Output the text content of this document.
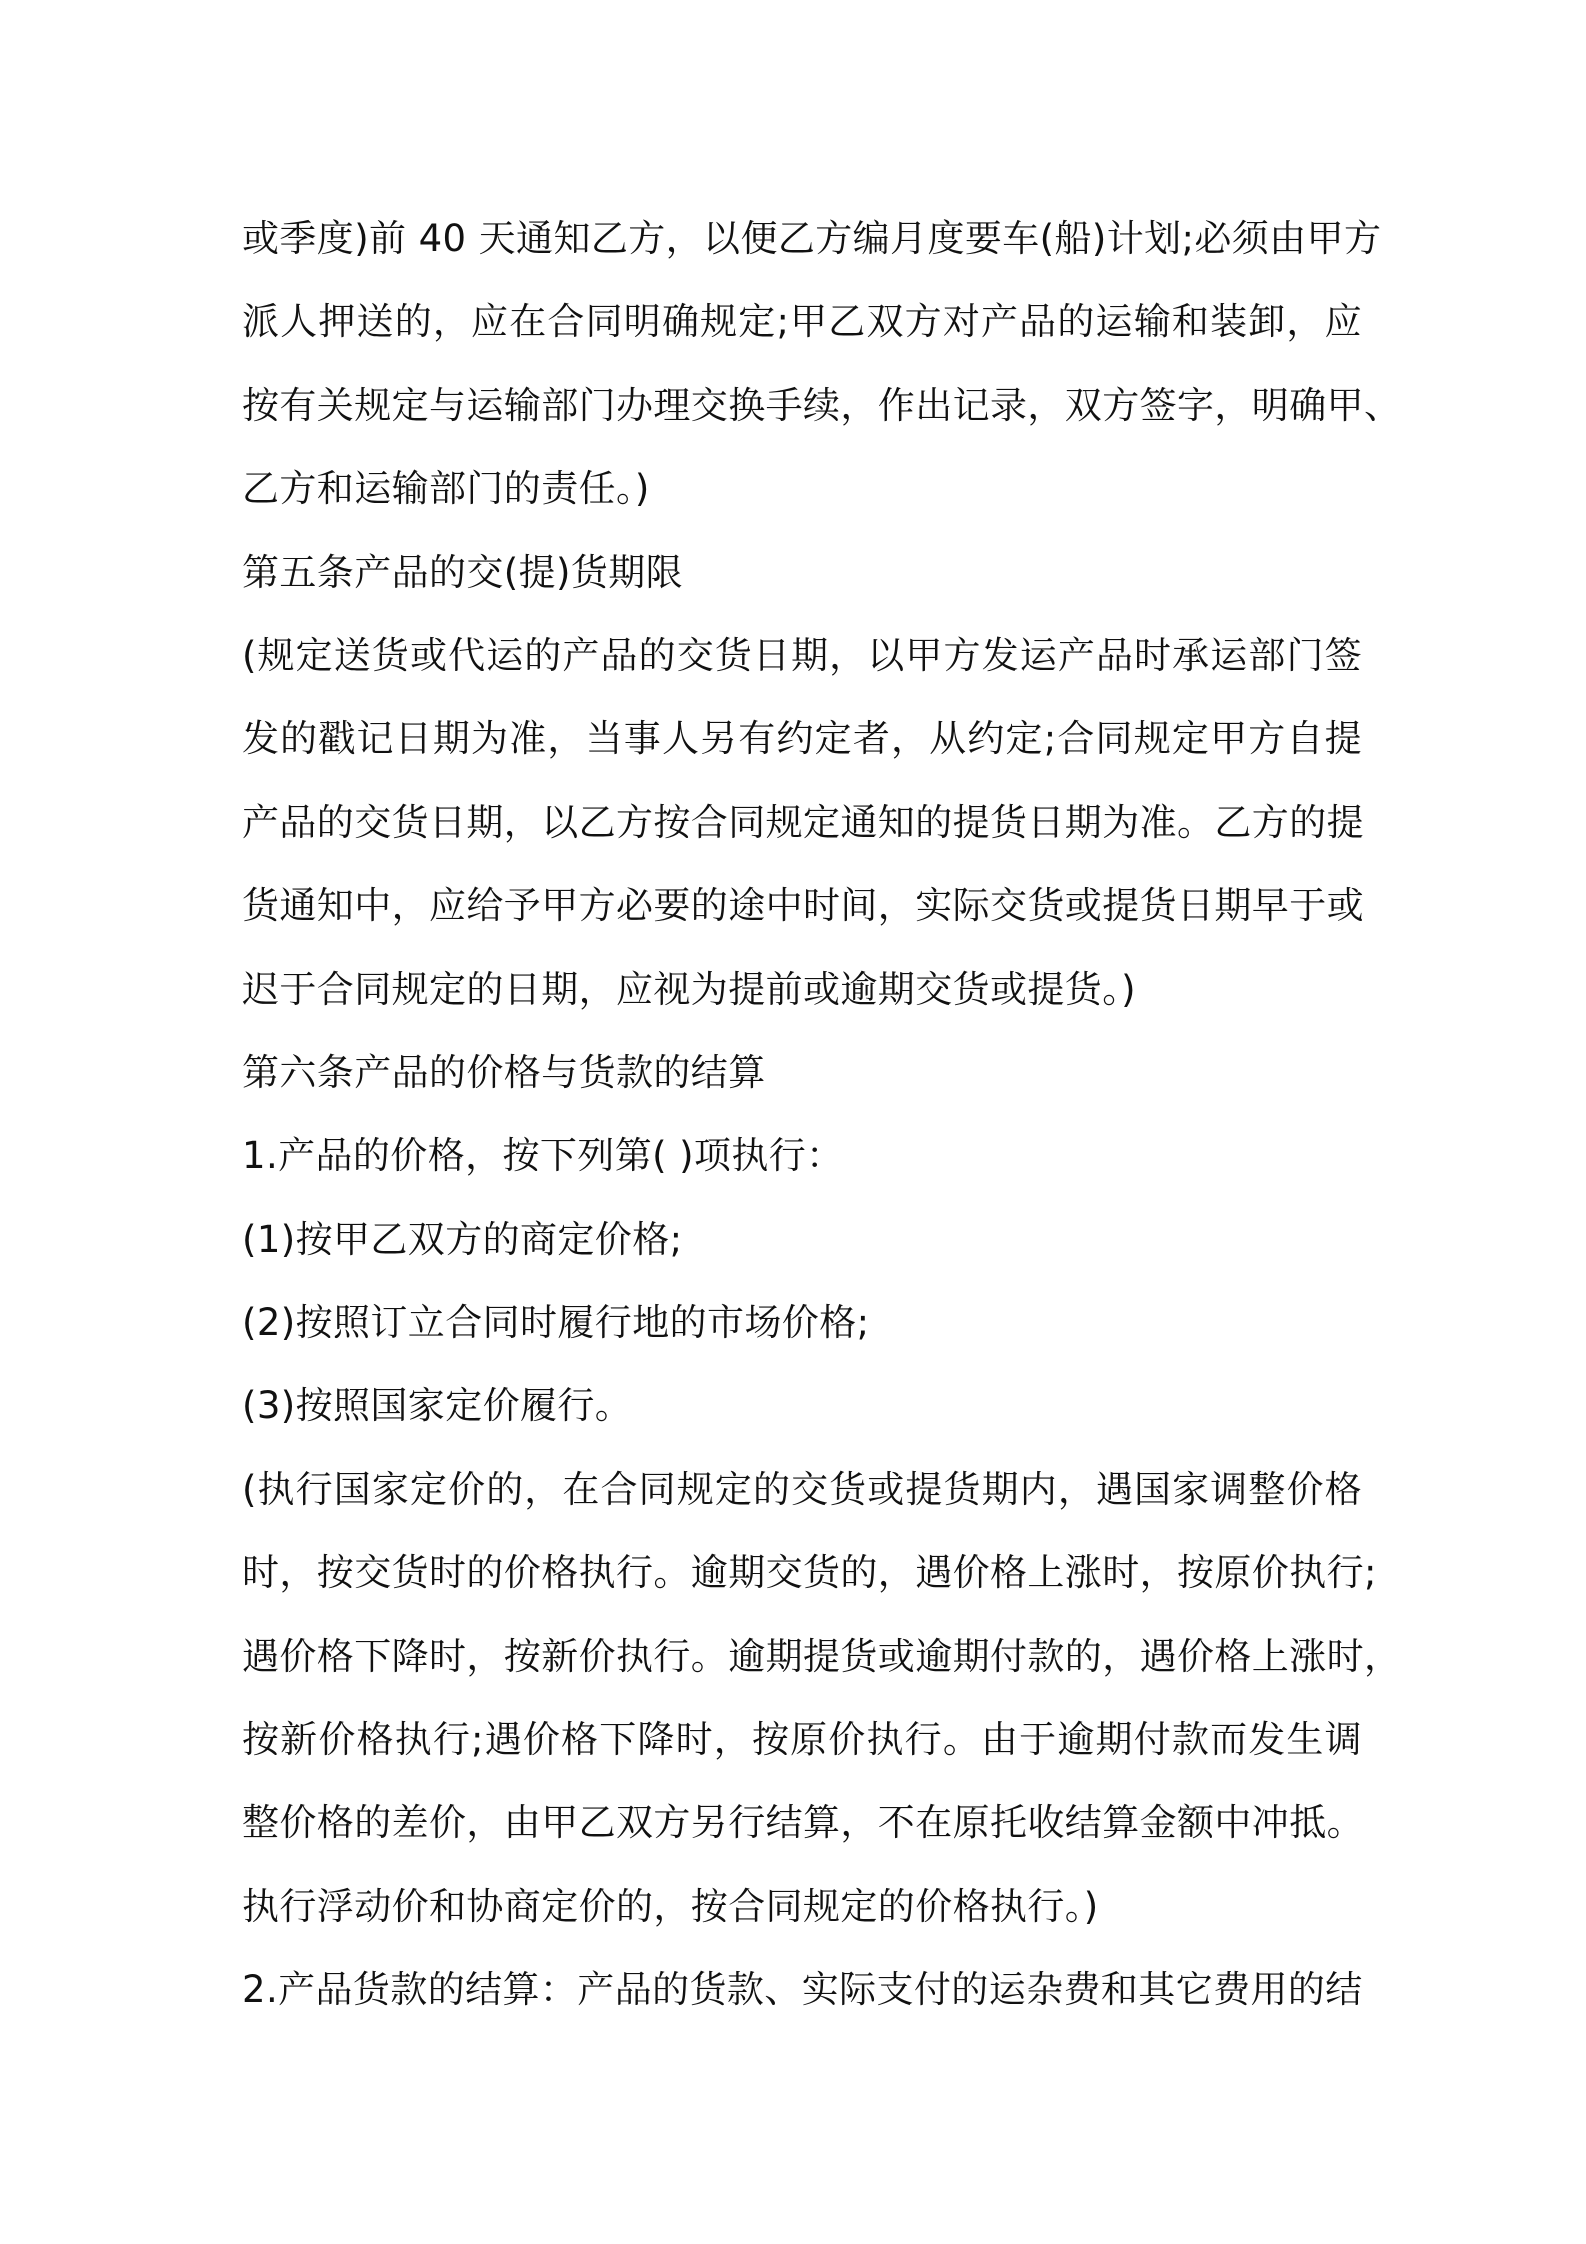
或季度)前 40 天通知乙方，以便乙方编月度要车(船)计划;必须由甲方
派人押送的，应在合同明确规定;甲乙双方对产品的运输和装卸，应
按有关规定与运输部门办理交换手续，作出记录，双方签字，明确甲、
乙方和运输部门的责任。)
第五条产品的交(提)货期限
(规定送货或代运的产品的交货日期，以甲方发运产品时承运部门签
发的戳记日期为准，当事人另有约定者，从约定;合同规定甲方自提
产品的交货日期，以乙方按合同规定通知的提货日期为准。乙方的提
货通知中，应给予甲方必要的途中时间，实际交货或提货日期早于或
迟于合同规定的日期，应视为提前或逾期交货或提货。)
第六条产品的价格与货款的结算
1.产品的价格，按下列第( )项执行：
(1)按甲乙双方的商定价格;
(2)按照订立合同时履行地的市场价格;
(3)按照国家定价履行。
(执行国家定价的，在合同规定的交货或提货期内，遇国家调整价格
时，按交货时的价格执行。逾期交货的，遇价格上涨时，按原价执行;
遇价格下降时，按新价执行。逾期提货或逾期付款的，遇价格上涨时，
按新价格执行;遇价格下降时，按原价执行。由于逾期付款而发生调
整价格的差价，由甲乙双方另行结算，不在原托收结算金额中冲抵。
执行浮动价和协商定价的，按合同规定的价格执行。)
2.产品货款的结算：产品的货款、实际支付的运杂费和其它费用的结
